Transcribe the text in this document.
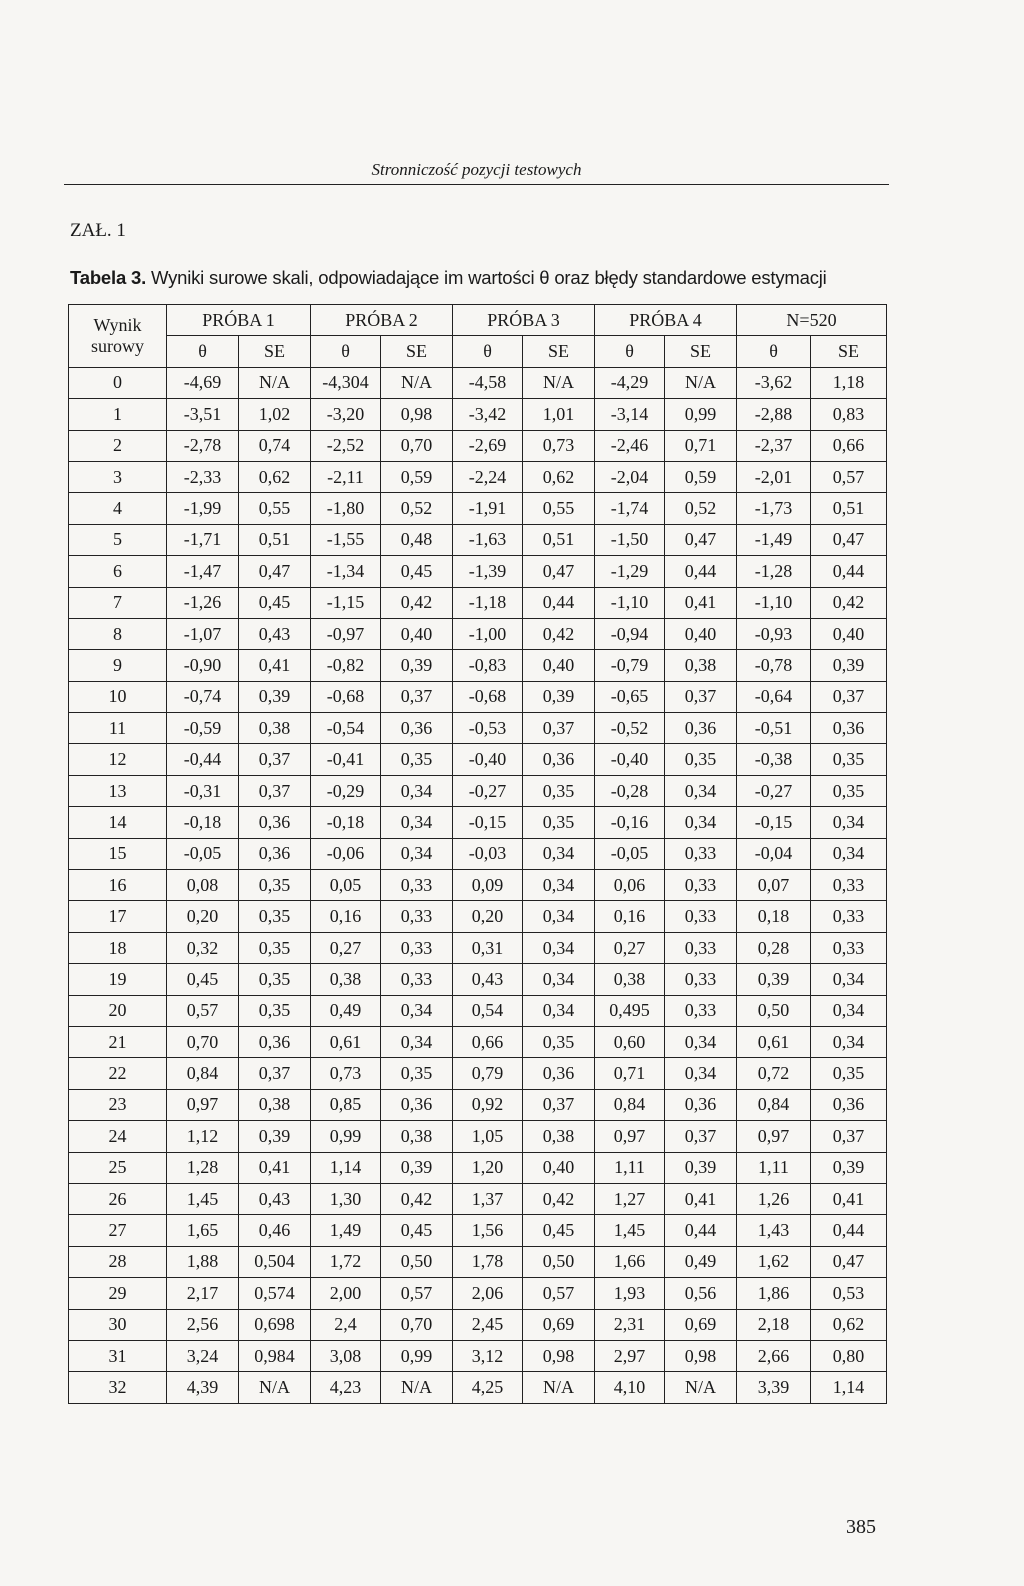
Stronniczość pozycji testowych
ZAŁ. 1
Tabela 3. Wyniki surowe skali, odpowiadające im wartości θ oraz błędy standardowe estymacji
Wynik
surowy	PRÓBA 1		PRÓBA 2		PRÓBA 3		PRÓBA 4		N=520	
	θ	SE	θ	SE	θ	SE	θ	SE	θ	SE
0	-4,69	N/A	-4,304	N/A	-4,58	N/A	-4,29	N/A	-3,62	1,18
1	-3,51	1,02	-3,20	0,98	-3,42	1,01	-3,14	0,99	-2,88	0,83
2	-2,78	0,74	-2,52	0,70	-2,69	0,73	-2,46	0,71	-2,37	0,66
3	-2,33	0,62	-2,11	0,59	-2,24	0,62	-2,04	0,59	-2,01	0,57
4	-1,99	0,55	-1,80	0,52	-1,91	0,55	-1,74	0,52	-1,73	0,51
5	-1,71	0,51	-1,55	0,48	-1,63	0,51	-1,50	0,47	-1,49	0,47
6	-1,47	0,47	-1,34	0,45	-1,39	0,47	-1,29	0,44	-1,28	0,44
7	-1,26	0,45	-1,15	0,42	-1,18	0,44	-1,10	0,41	-1,10	0,42
8	-1,07	0,43	-0,97	0,40	-1,00	0,42	-0,94	0,40	-0,93	0,40
9	-0,90	0,41	-0,82	0,39	-0,83	0,40	-0,79	0,38	-0,78	0,39
10	-0,74	0,39	-0,68	0,37	-0,68	0,39	-0,65	0,37	-0,64	0,37
11	-0,59	0,38	-0,54	0,36	-0,53	0,37	-0,52	0,36	-0,51	0,36
12	-0,44	0,37	-0,41	0,35	-0,40	0,36	-0,40	0,35	-0,38	0,35
13	-0,31	0,37	-0,29	0,34	-0,27	0,35	-0,28	0,34	-0,27	0,35
14	-0,18	0,36	-0,18	0,34	-0,15	0,35	-0,16	0,34	-0,15	0,34
15	-0,05	0,36	-0,06	0,34	-0,03	0,34	-0,05	0,33	-0,04	0,34
16	0,08	0,35	0,05	0,33	0,09	0,34	0,06	0,33	0,07	0,33
17	0,20	0,35	0,16	0,33	0,20	0,34	0,16	0,33	0,18	0,33
18	0,32	0,35	0,27	0,33	0,31	0,34	0,27	0,33	0,28	0,33
19	0,45	0,35	0,38	0,33	0,43	0,34	0,38	0,33	0,39	0,34
20	0,57	0,35	0,49	0,34	0,54	0,34	0,495	0,33	0,50	0,34
21	0,70	0,36	0,61	0,34	0,66	0,35	0,60	0,34	0,61	0,34
22	0,84	0,37	0,73	0,35	0,79	0,36	0,71	0,34	0,72	0,35
23	0,97	0,38	0,85	0,36	0,92	0,37	0,84	0,36	0,84	0,36
24	1,12	0,39	0,99	0,38	1,05	0,38	0,97	0,37	0,97	0,37
25	1,28	0,41	1,14	0,39	1,20	0,40	1,11	0,39	1,11	0,39
26	1,45	0,43	1,30	0,42	1,37	0,42	1,27	0,41	1,26	0,41
27	1,65	0,46	1,49	0,45	1,56	0,45	1,45	0,44	1,43	0,44
28	1,88	0,504	1,72	0,50	1,78	0,50	1,66	0,49	1,62	0,47
29	2,17	0,574	2,00	0,57	2,06	0,57	1,93	0,56	1,86	0,53
30	2,56	0,698	2,4	0,70	2,45	0,69	2,31	0,69	2,18	0,62
31	3,24	0,984	3,08	0,99	3,12	0,98	2,97	0,98	2,66	0,80
32	4,39	N/A	4,23	N/A	4,25	N/A	4,10	N/A	3,39	1,14
385
